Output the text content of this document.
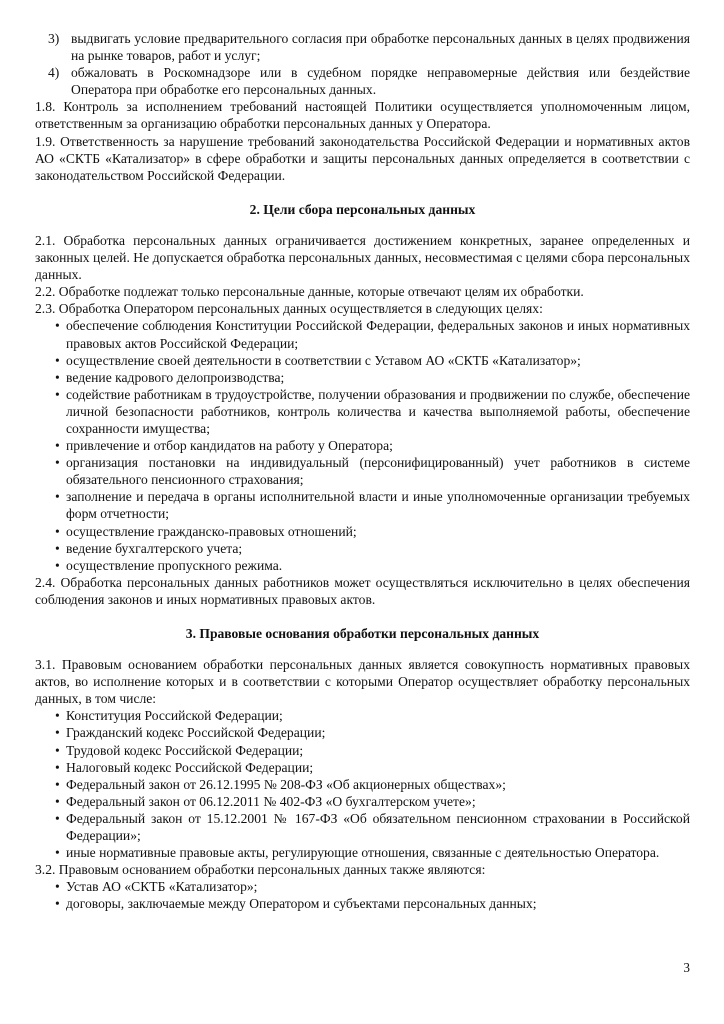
3) выдвигать условие предварительного согласия при обработке персональных данных в целях продвижения на рынке товаров, работ и услуг;
4) обжаловать в Роскомнадзоре или в судебном порядке неправомерные действия или бездействие Оператора при обработке его персональных данных.

1.8. Контроль за исполнением требований настоящей Политики осуществляется уполномоченным лицом, ответственным за организацию обработки персональных данных у Оператора.

1.9. Ответственность за нарушение требований законодательства Российской Федерации и нормативных актов АО «СКТБ «Катализатор» в сфере обработки и защиты персональных данных определяется в соответствии с законодательством Российской Федерации.

2. Цели сбора персональных данных

2.1. Обработка персональных данных ограничивается достижением конкретных, заранее определенных и законных целей. Не допускается обработка персональных данных, несовместимая с целями сбора персональных данных.

2.2. Обработке подлежат только персональные данные, которые отвечают целям их обработки.

2.3. Обработка Оператором персональных данных осуществляется в следующих целях:

• обеспечение соблюдения Конституции Российской Федерации, федеральных законов и иных нормативных правовых актов Российской Федерации;
• осуществление своей деятельности в соответствии с Уставом АО «СКТБ «Катализатор»;
• ведение кадрового делопроизводства;
• содействие работникам в трудоустройстве, получении образования и продвижении по службе, обеспечение личной безопасности работников, контроль количества и качества выполняемой работы, обеспечение сохранности имущества;
• привлечение и отбор кандидатов на работу у Оператора;
• организация постановки на индивидуальный (персонифицированный) учет работников в системе обязательного пенсионного страхования;
• заполнение и передача в органы исполнительной власти и иные уполномоченные организации требуемых форм отчетности;
• осуществление гражданско-правовых отношений;
• ведение бухгалтерского учета;
• осуществление пропускного режима.

2.4. Обработка персональных данных работников может осуществляться исключительно в целях обеспечения соблюдения законов и иных нормативных правовых актов.

3. Правовые основания обработки персональных данных

3.1. Правовым основанием обработки персональных данных является совокупность нормативных правовых актов, во исполнение которых и в соответствии с которыми Оператор осуществляет обработку персональных данных, в том числе:

• Конституция Российской Федерации;
• Гражданский кодекс Российской Федерации;
• Трудовой кодекс Российской Федерации;
• Налоговый кодекс Российской Федерации;
• Федеральный закон от 26.12.1995 № 208-ФЗ «Об акционерных обществах»;
• Федеральный закон от 06.12.2011 № 402-ФЗ «О бухгалтерском учете»;
• Федеральный закон от 15.12.2001 № 167-ФЗ «Об обязательном пенсионном страховании в Российской Федерации»;
• иные нормативные правовые акты, регулирующие отношения, связанные с деятельностью Оператора.

3.2. Правовым основанием обработки персональных данных также являются:

• Устав АО «СКТБ «Катализатор»;
• договоры, заключаемые между Оператором и субъектами персональных данных;
3
